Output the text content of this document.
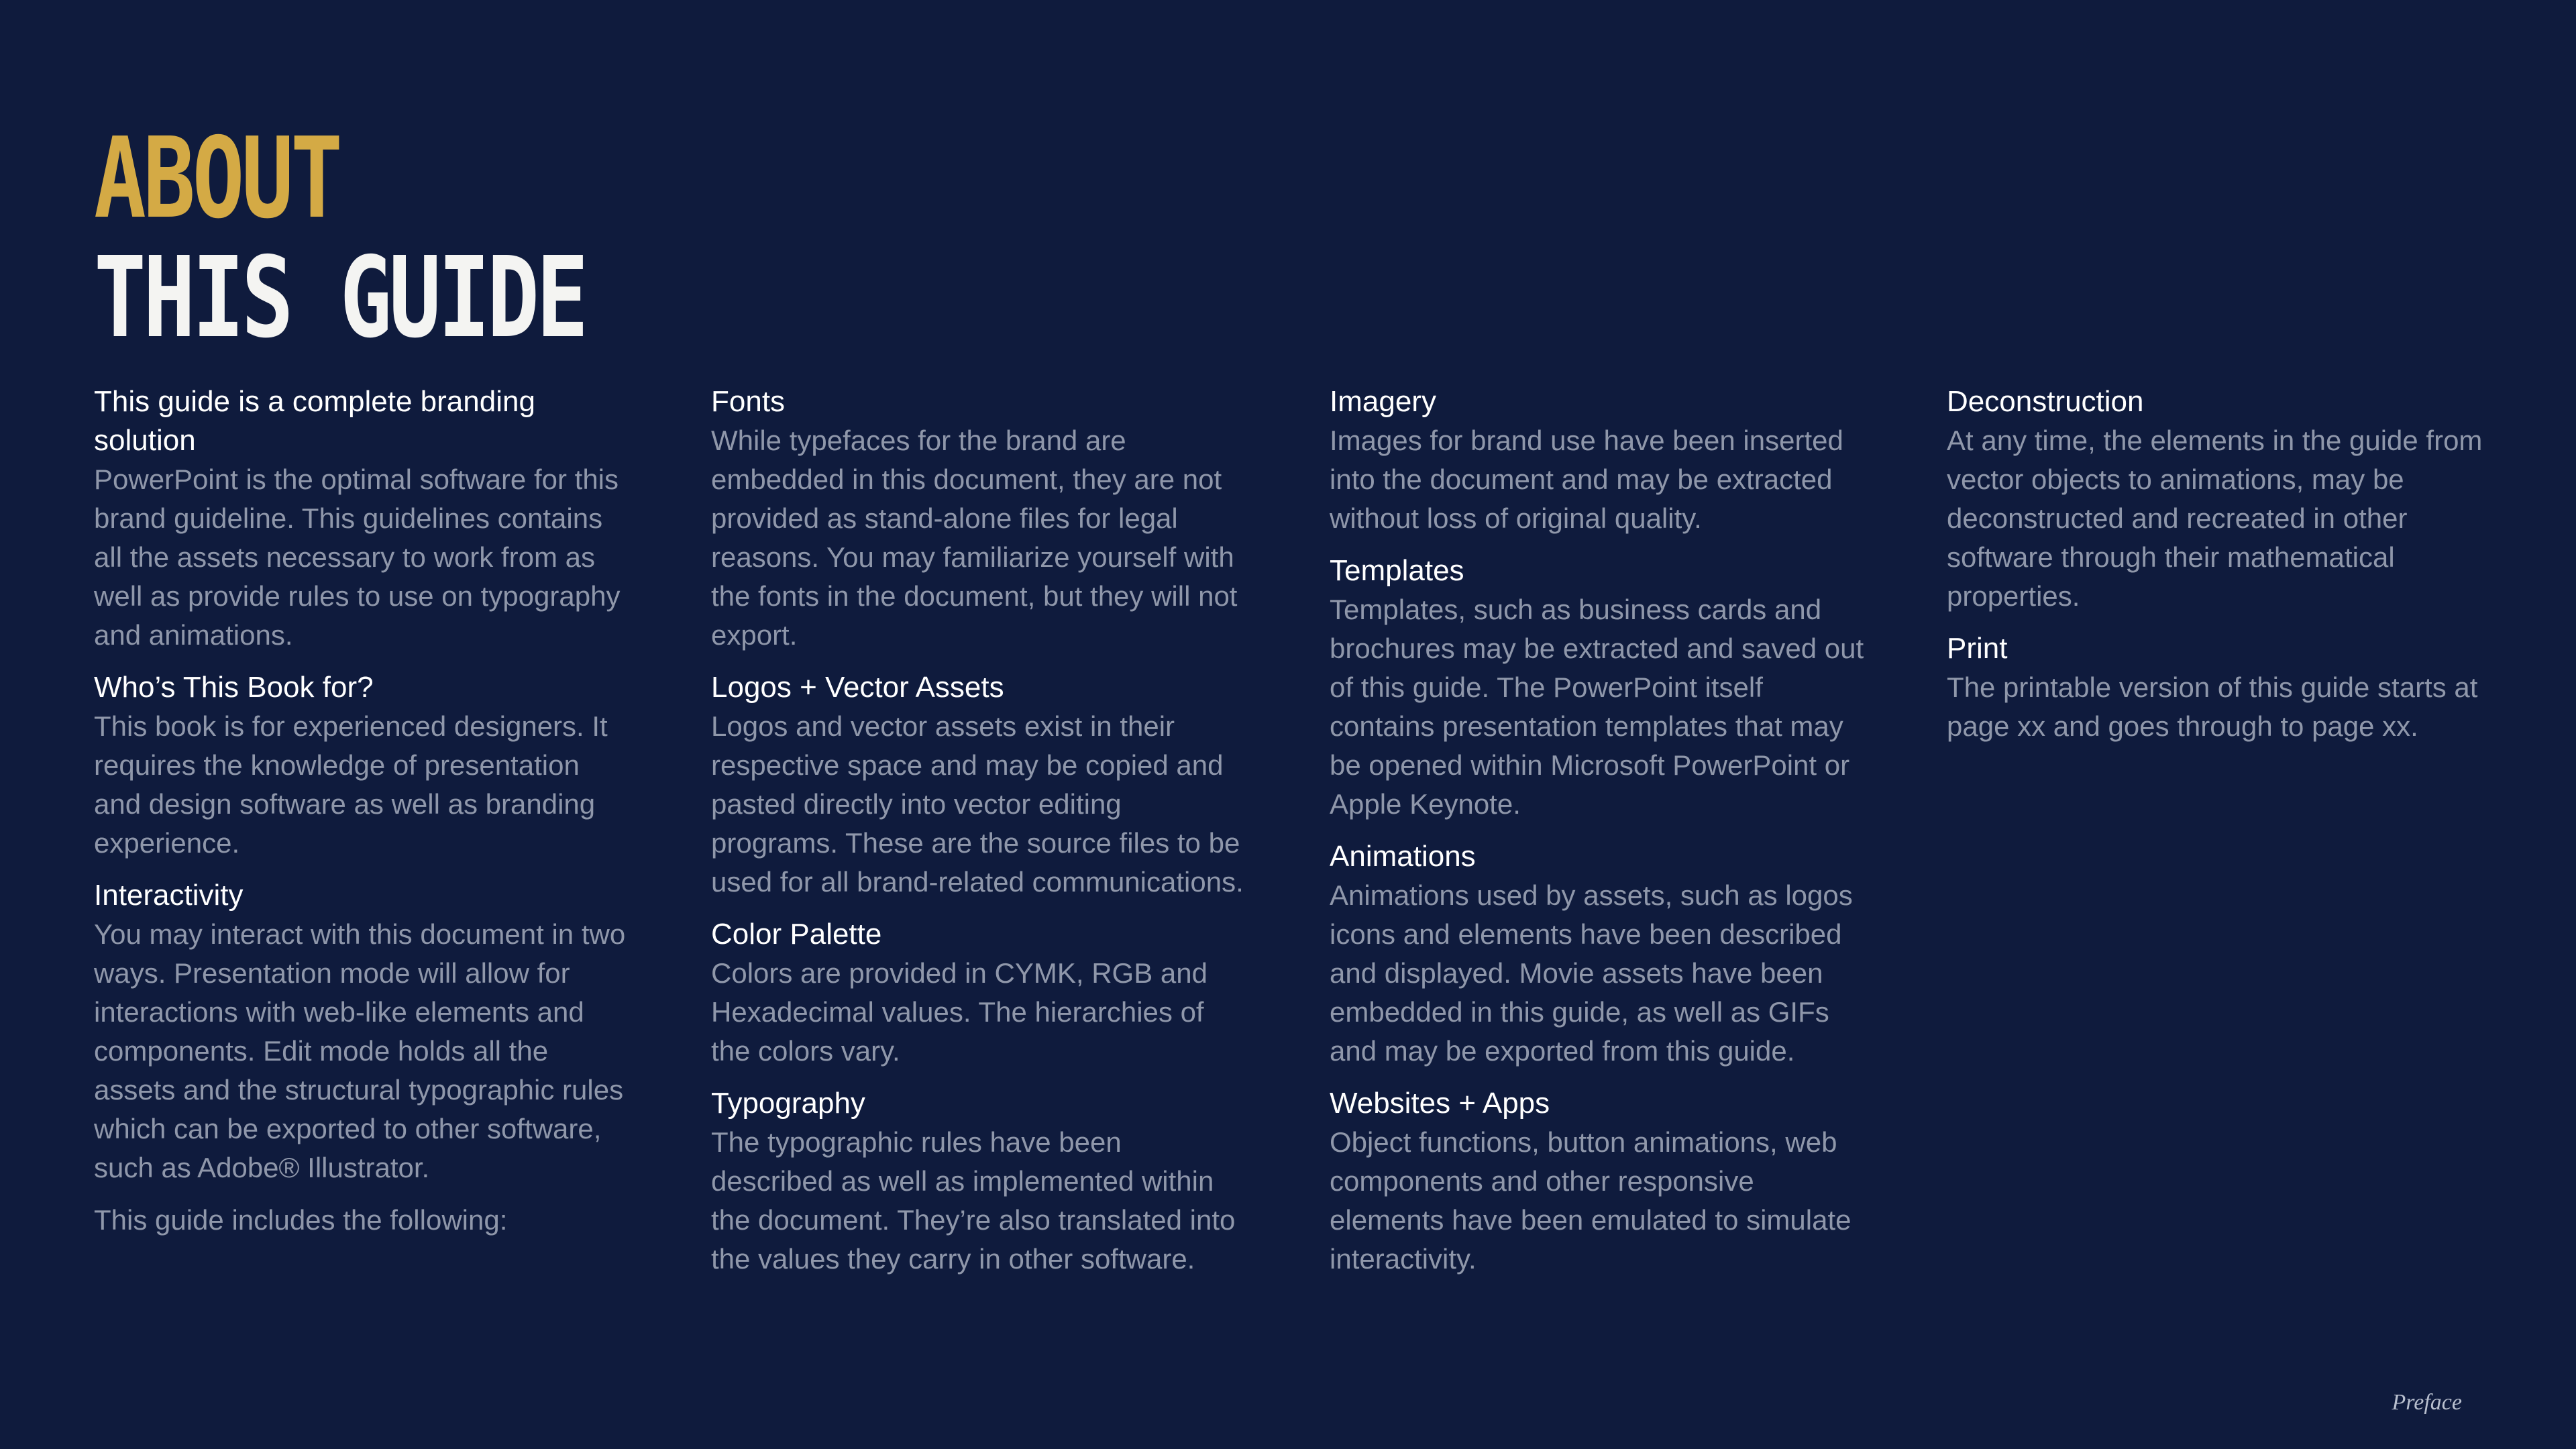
ABOUT
THIS GUIDE
This guide is a complete branding solution

PowerPoint is the optimal software for this brand guideline. This guidelines contains all the assets necessary to work from as well as provide rules to use on typography and animations.

Who’s This Book for?

This book is for experienced designers. It requires the knowledge of presentation and design software as well as branding experience.

Interactivity

You may interact with this document in two ways. Presentation mode will allow for interactions with web-like elements and components. Edit mode holds all the assets and the structural typographic rules which can be exported to other software, such as Adobe® Illustrator.

This guide includes the following:

Fonts

While typefaces for the brand are embedded in this document, they are not provided as stand-alone files for legal reasons. You may familiarize yourself with the fonts in the document, but they will not export.

Logos + Vector Assets

Logos and vector assets exist in their respective space and may be copied and pasted directly into vector editing programs. These are the source files to be used for all brand-related communications.

Color Palette

Colors are provided in CYMK, RGB and Hexadecimal values. The hierarchies of the colors vary.

Typography

The typographic rules have been described as well as implemented within the document. They’re also translated into the values they carry in other software.

Imagery

Images for brand use have been inserted into the document and may be extracted without loss of original quality.

Templates

Templates, such as business cards and brochures may be extracted and saved out of this guide. The PowerPoint itself contains presentation templates that may be opened within Microsoft PowerPoint or Apple Keynote.

Animations

Animations used by assets, such as logos icons and elements have been described and displayed. Movie assets have been embedded in this guide, as well as GIFs and may be exported from this guide.

Websites + Apps

Object functions, button animations, web components and other responsive elements have been emulated to simulate interactivity.

Deconstruction

At any time, the elements in the guide from vector objects to animations, may be deconstructed and recreated in other software through their mathematical properties.

Print

The printable version of this guide starts at page xx and goes through to page xx.

Preface
